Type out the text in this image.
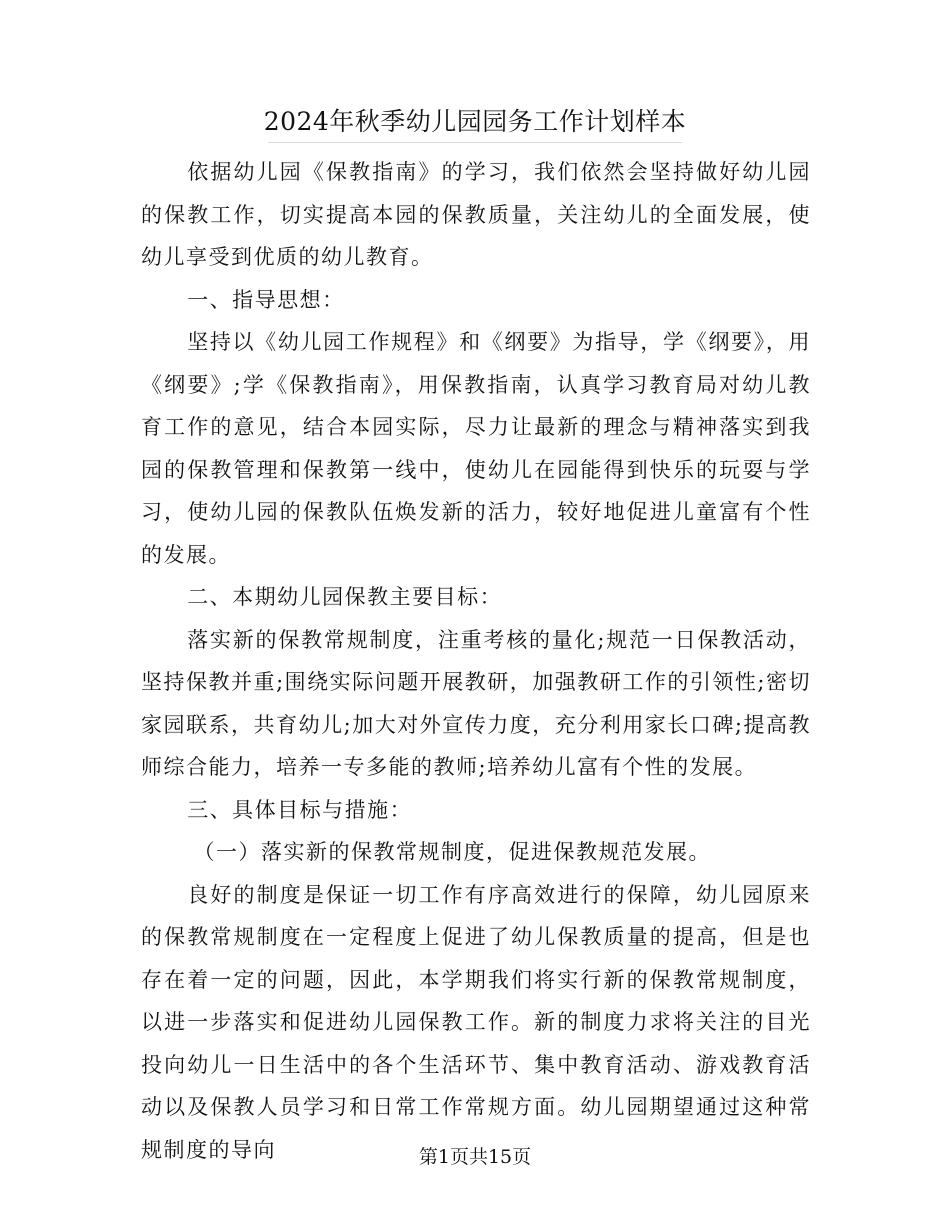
2024年秋季幼儿园园务工作计划样本

依据幼儿园《保教指南》的学习，我们依然会坚持做好幼儿园的保教工作，切实提高本园的保教质量，关注幼儿的全面发展，使幼儿享受到优质的幼儿教育。

一、指导思想：

坚持以《幼儿园工作规程》和《纲要》为指导，学《纲要》，用《纲要》;学《保教指南》，用保教指南，认真学习教育局对幼儿教育工作的意见，结合本园实际，尽力让最新的理念与精神落实到我园的保教管理和保教第一线中，使幼儿在园能得到快乐的玩耍与学习，使幼儿园的保教队伍焕发新的活力，较好地促进儿童富有个性的发展。

二、本期幼儿园保教主要目标：

落实新的保教常规制度，注重考核的量化;规范一日保教活动，坚持保教并重;围绕实际问题开展教研，加强教研工作的引领性;密切家园联系，共育幼儿;加大对外宣传力度，充分利用家长口碑;提高教师综合能力，培养一专多能的教师;培养幼儿富有个性的发展。

三、具体目标与措施：

（一）落实新的保教常规制度，促进保教规范发展。

良好的制度是保证一切工作有序高效进行的保障，幼儿园原来的保教常规制度在一定程度上促进了幼儿保教质量的提高，但是也存在着一定的问题，因此，本学期我们将实行新的保教常规制度，以进一步落实和促进幼儿园保教工作。新的制度力求将关注的目光投向幼儿一日生活中的各个生活环节、集中教育活动、游戏教育活动以及保教人员学习和日常工作常规方面。幼儿园期望通过这种常规制度的导向	第1页共15页
